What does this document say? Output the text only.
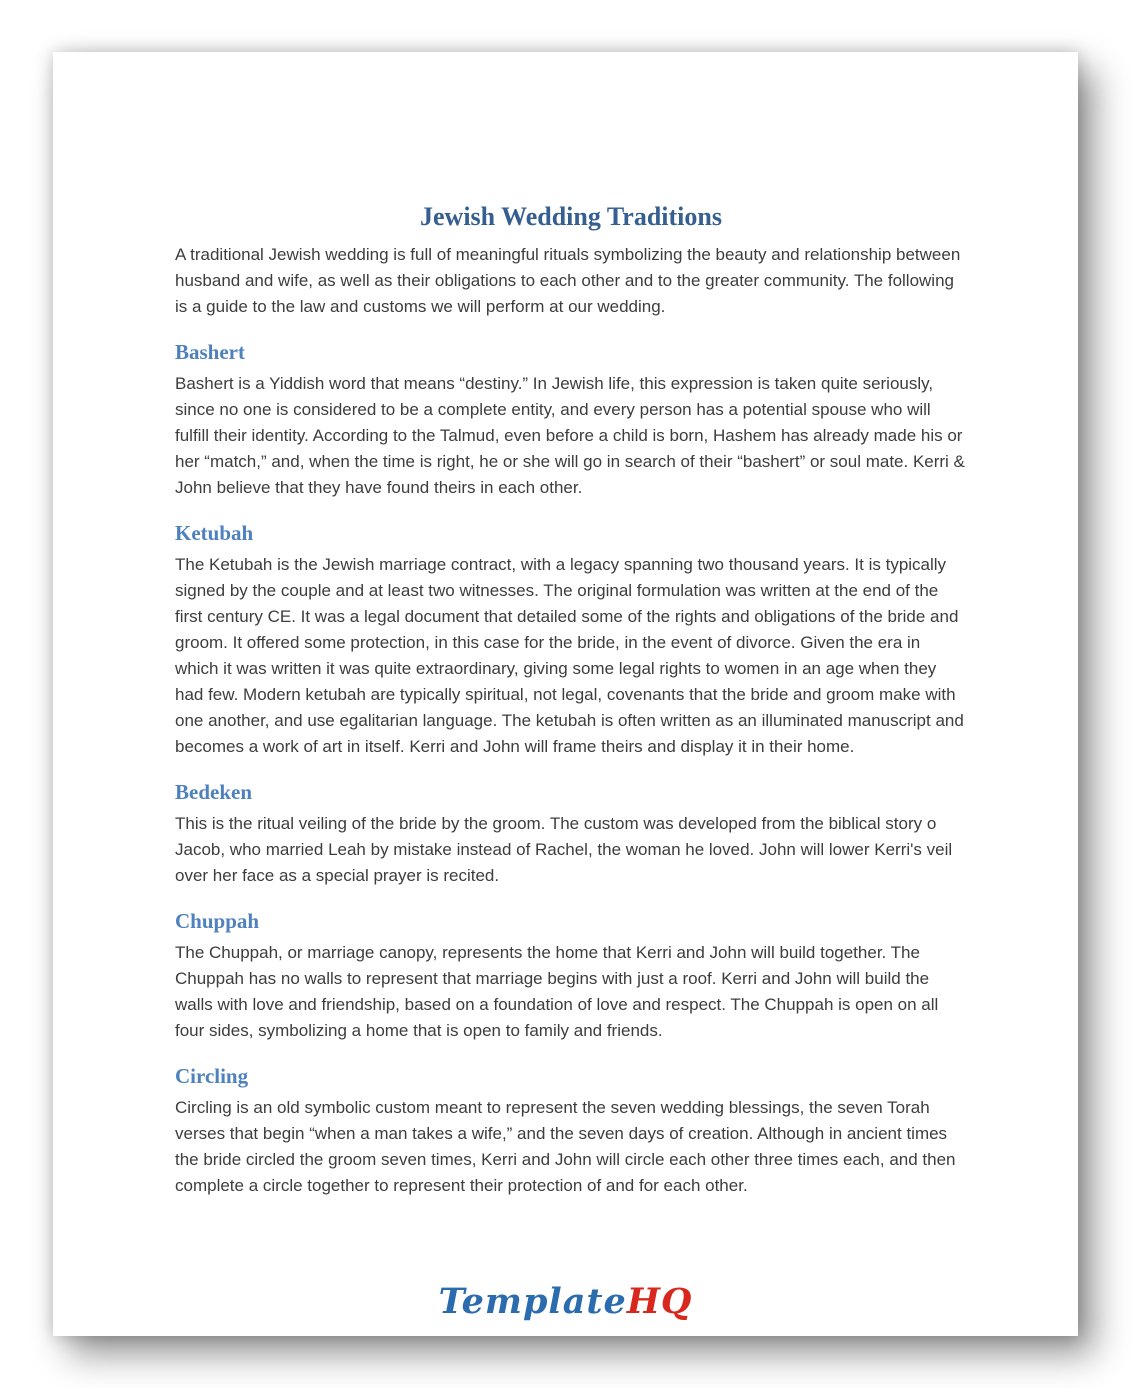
Jewish Wedding Traditions

A traditional Jewish wedding is full of meaningful rituals symbolizing the beauty and relationship between husband and wife, as well as their obligations to each other and to the greater community. The following is a guide to the law and customs we will perform at our wedding.

Bashert

Bashert is a Yiddish word that means “destiny.” In Jewish life, this expression is taken quite seriously, since no one is considered to be a complete entity, and every person has a potential spouse who will fulfill their identity. According to the Talmud, even before a child is born, Hashem has already made his or her “match,” and, when the time is right, he or she will go in search of their “bashert” or soul mate. Kerri & John believe that they have found theirs in each other.

Ketubah

The Ketubah is the Jewish marriage contract, with a legacy spanning two thousand years. It is typically signed by the couple and at least two witnesses. The original formulation was written at the end of the first century CE. It was a legal document that detailed some of the rights and obligations of the bride and groom. It offered some protection, in this case for the bride, in the event of divorce. Given the era in which it was written it was quite extraordinary, giving some legal rights to women in an age when they had few. Modern ketubah are typically spiritual, not legal, covenants that the bride and groom make with one another, and use egalitarian language. The ketubah is often written as an illuminated manuscript and becomes a work of art in itself. Kerri and John will frame theirs and display it in their home.

Bedeken

This is the ritual veiling of the bride by the groom. The custom was developed from the biblical story o Jacob, who married Leah by mistake instead of Rachel, the woman he loved. John will lower Kerri's veil over her face as a special prayer is recited.

Chuppah

The Chuppah, or marriage canopy, represents the home that Kerri and John will build together. The Chuppah has no walls to represent that marriage begins with just a roof. Kerri and John will build the walls with love and friendship, based on a foundation of love and respect. The Chuppah is open on all four sides, symbolizing a home that is open to family and friends.

Circling

Circling is an old symbolic custom meant to represent the seven wedding blessings, the seven Torah verses that begin “when a man takes a wife,” and the seven days of creation. Although in ancient times the bride circled the groom seven times, Kerri and John will circle each other three times each, and then complete a circle together to represent their protection of and for each other.

TemplateHQ
